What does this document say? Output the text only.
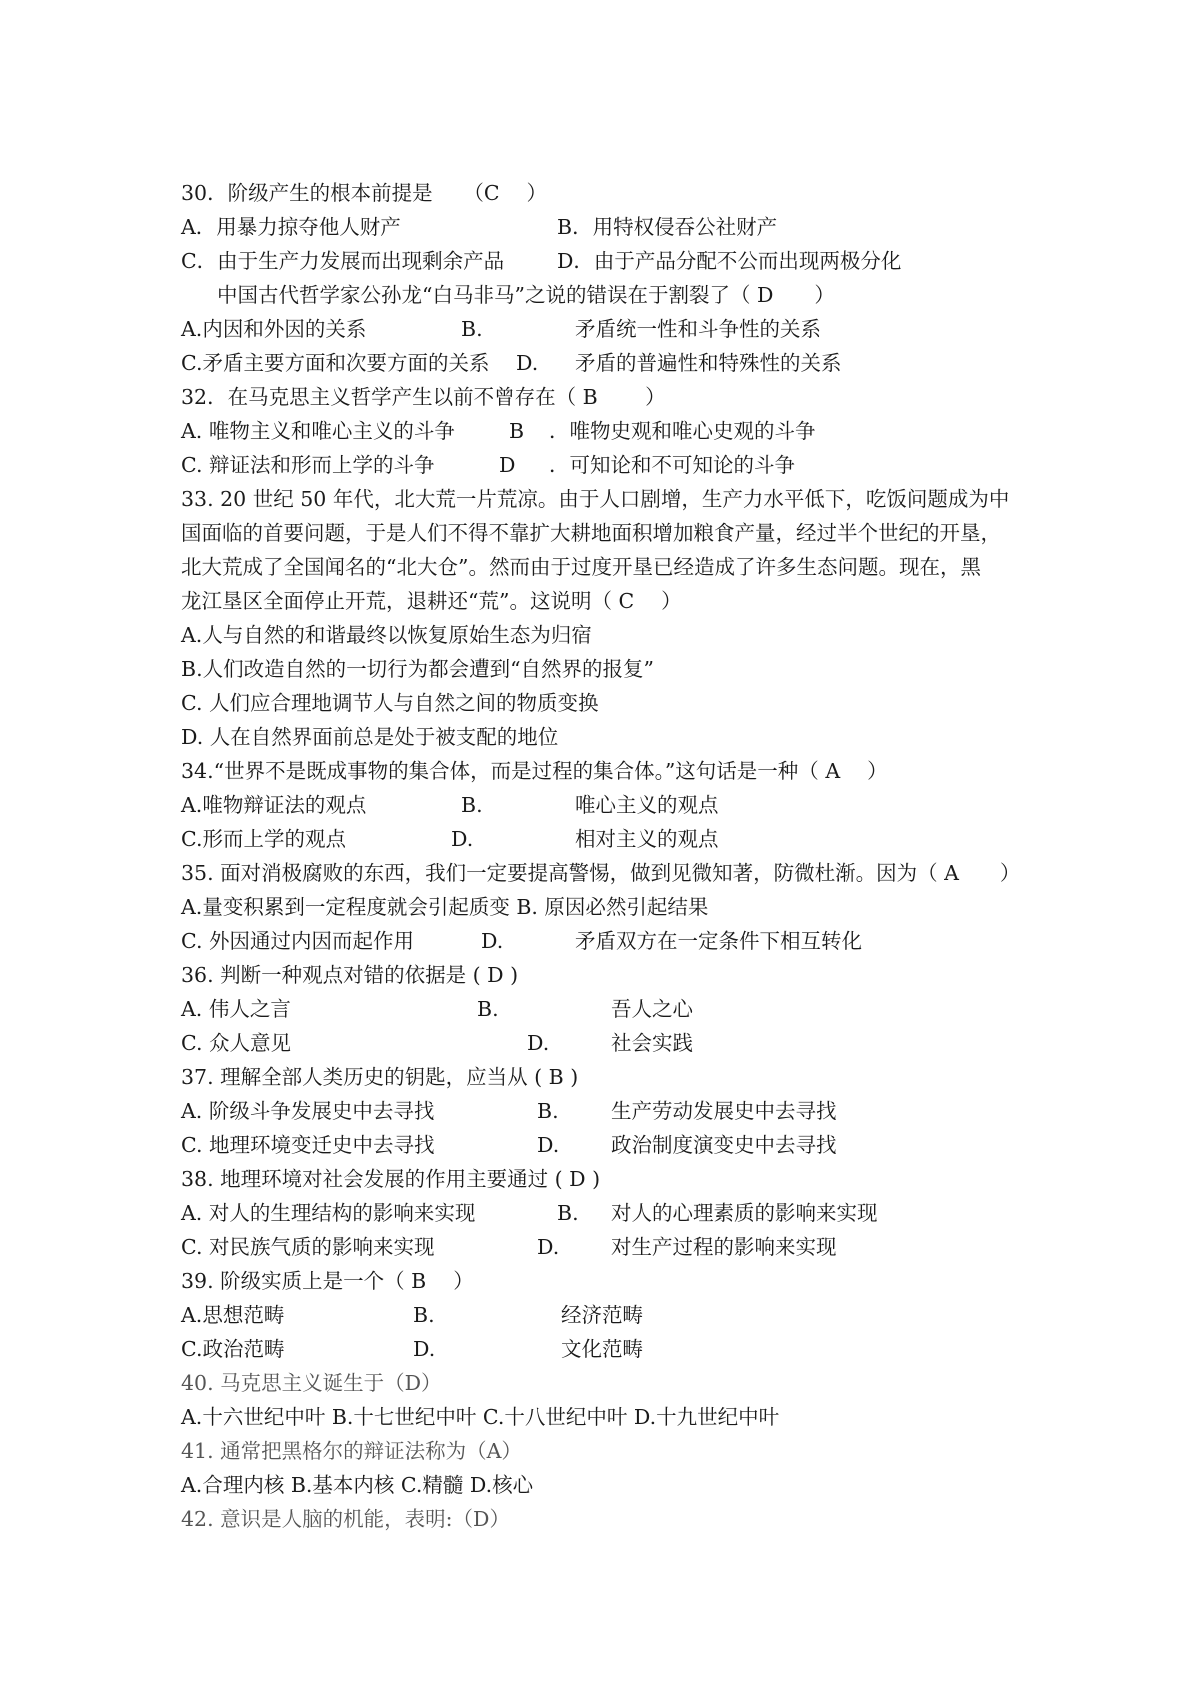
30．阶级产生的根本前提是　　（C　 ）
A．用暴力掠夺他人财产	B．用特权侵吞公社财产
C．由于生产力发展而出现剩余产品	D．由于产品分配不公而出现两极分化
中国古代哲学家公孙龙“白马非马”之说的错误在于割裂了（ D　　）
A.内因和外因的关系	B.	矛盾统一性和斗争性的关系
C.矛盾主要方面和次要方面的关系 D. 矛盾的普遍性和特殊性的关系
32．在马克思主义哲学产生以前不曾存在（ B　　 ）
A. 唯物主义和唯心主义的斗争	B ．唯物史观和唯心史观的斗争
C. 辩证法和形而上学的斗争	D ．可知论和不可知论的斗争
33. 20 世纪 50 年代，北大荒一片荒凉。由于人口剧增，生产力水平低下，吃饭问题成为中
国面临的首要问题，于是人们不得不靠扩大耕地面积增加粮食产量，经过半个世纪的开垦，
北大荒成了全国闻名的“北大仓”。然而由于过度开垦已经造成了许多生态问题。现在，黑
龙江垦区全面停止开荒，退耕还“荒”。这说明（ C　 ）
A.人与自然的和谐最终以恢复原始生态为归宿
B.人们改造自然的一切行为都会遭到“自然界的报复”
C. 人们应合理地调节人与自然之间的物质变换
D. 人在自然界面前总是处于被支配的地位
34.“世界不是既成事物的集合体，而是过程的集合体。”这句话是一种（ A　 ）
A.唯物辩证法的观点	B.	唯心主义的观点
C.形而上学的观点	D.	相对主义的观点
35. 面对消极腐败的东西，我们一定要提高警惕，做到见微知著，防微杜渐。因为（ A　　）
A.量变积累到一定程度就会引起质变 B. 原因必然引起结果
C. 外因通过内因而起作用	D.	矛盾双方在一定条件下相互转化
36. 判断一种观点对错的依据是 ( D )
A. 伟人之言	B.	吾人之心
C. 众人意见	D.	社会实践
37. 理解全部人类历史的钥匙，应当从 ( B )
A. 阶级斗争发展史中去寻找	B.	生产劳动发展史中去寻找
C. 地理环境变迁史中去寻找	D.	政治制度演变史中去寻找
38. 地理环境对社会发展的作用主要通过 ( D )
A. 对人的生理结构的影响来实现	B. 对人的心理素质的影响来实现
C. 对民族气质的影响来实现	D.	对生产过程的影响来实现
39. 阶级实质上是一个（ B　 ）
A.思想范畴	B.	经济范畴
C.政治范畴	D.	文化范畴
40. 马克思主义诞生于（D）
A.十六世纪中叶 B.十七世纪中叶 C.十八世纪中叶 D.十九世纪中叶
41. 通常把黑格尔的辩证法称为（A）
A.合理内核 B.基本内核 C.精髓 D.核心
42. 意识是人脑的机能，表明:（D）
